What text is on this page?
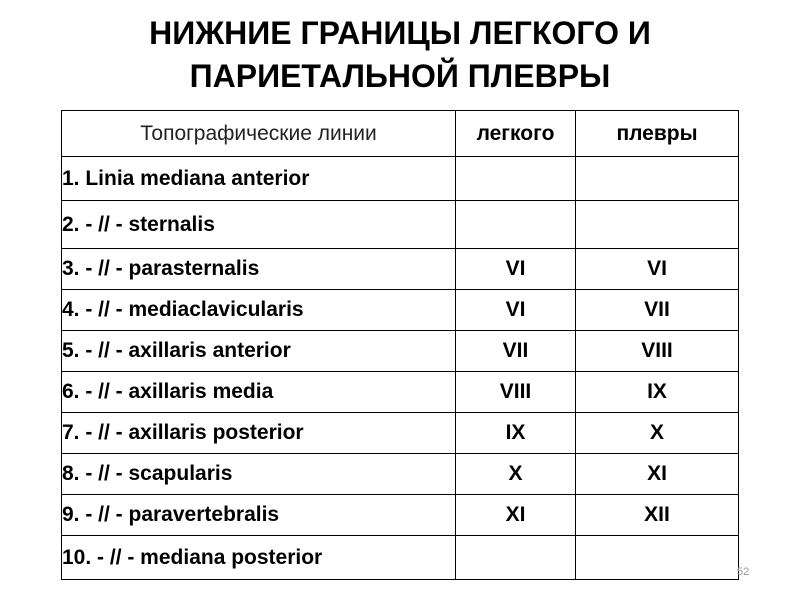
НИЖНИЕ ГРАНИЦЫ ЛЕГКОГО И
ПАРИЕТАЛЬНОЙ ПЛЕВРЫ
Топографические линии	легкого	плевры
1. Linia mediana anterior		
2. - // - sternalis		
3. - // - parasternalis	VI	VI
4. - // - mediaclavicularis	VI	VII
5. - // - axillaris anterior	VII	VIII
6. - // - axillaris media	VIII	IX
7. - // - axillaris posterior	IX	X
8. - // - scapularis	X	XI
9. - // - paravertebralis	XI	XII
10. - // - mediana posterior		
52
